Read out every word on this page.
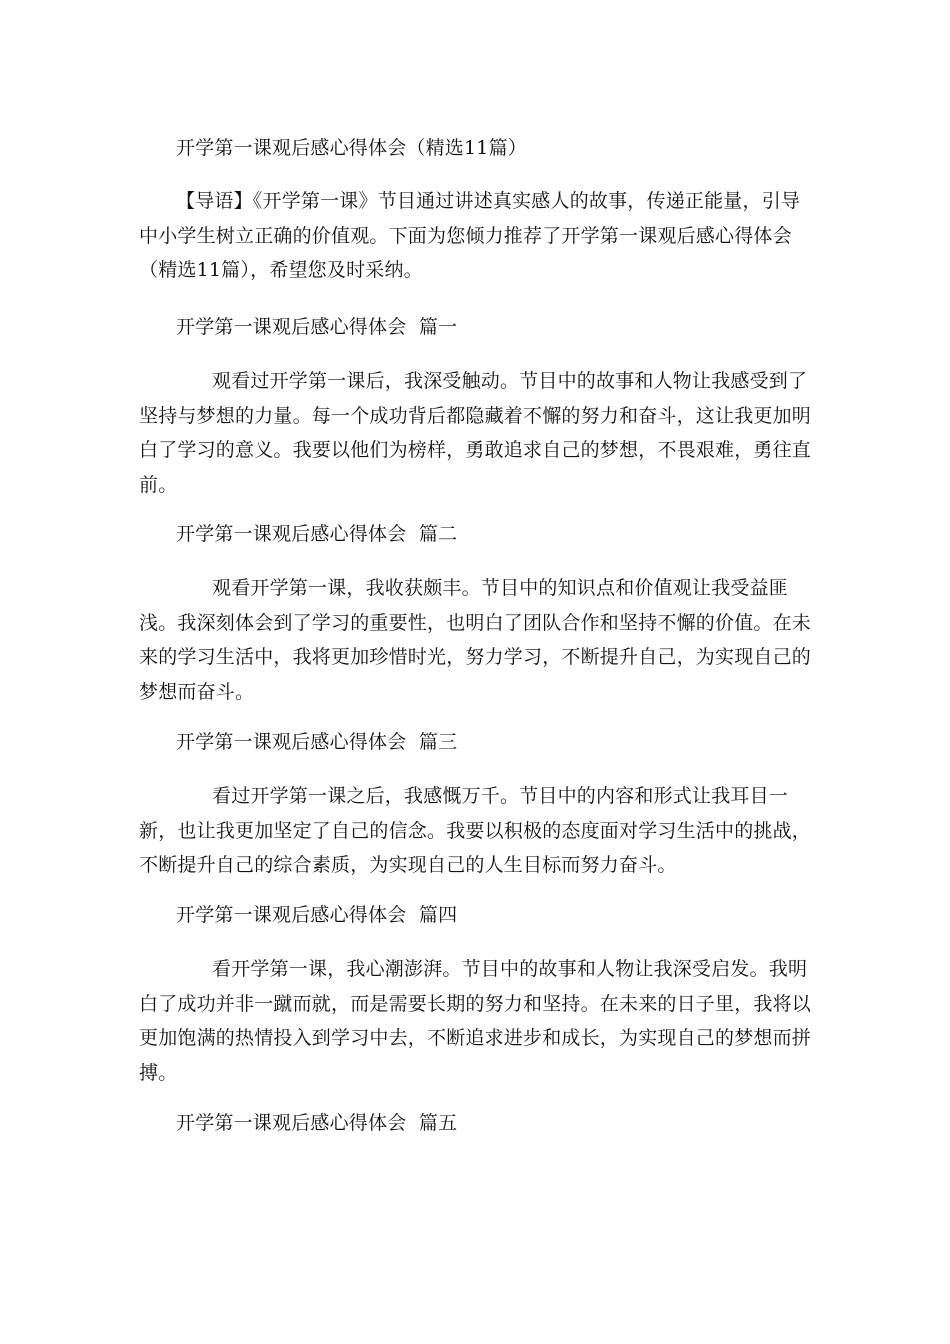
开学第一课观后感心得体会（精选11篇）
【导语】《开学第一课》节目通过讲述真实感人的故事，传递正能量，引导中小学生树立正确的价值观。下面为您倾力推荐了开学第一课观后感心得体会（精选11篇），希望您及时采纳。
开学第一课观后感心得体会  篇一
观看过开学第一课后，我深受触动。节目中的故事和人物让我感受到了坚持与梦想的力量。每一个成功背后都隐藏着不懈的努力和奋斗，这让我更加明白了学习的意义。我要以他们为榜样，勇敢追求自己的梦想，不畏艰难，勇往直前。
开学第一课观后感心得体会  篇二
观看开学第一课，我收获颇丰。节目中的知识点和价值观让我受益匪浅。我深刻体会到了学习的重要性，也明白了团队合作和坚持不懈的价值。在未来的学习生活中，我将更加珍惜时光，努力学习，不断提升自己，为实现自己的梦想而奋斗。
开学第一课观后感心得体会  篇三
看过开学第一课之后，我感慨万千。节目中的内容和形式让我耳目一新，也让我更加坚定了自己的信念。我要以积极的态度面对学习生活中的挑战，不断提升自己的综合素质，为实现自己的人生目标而努力奋斗。
开学第一课观后感心得体会  篇四
看开学第一课，我心潮澎湃。节目中的故事和人物让我深受启发。我明白了成功并非一蹴而就，而是需要长期的努力和坚持。在未来的日子里，我将以更加饱满的热情投入到学习中去，不断追求进步和成长，为实现自己的梦想而拼搏。
开学第一课观后感心得体会  篇五
